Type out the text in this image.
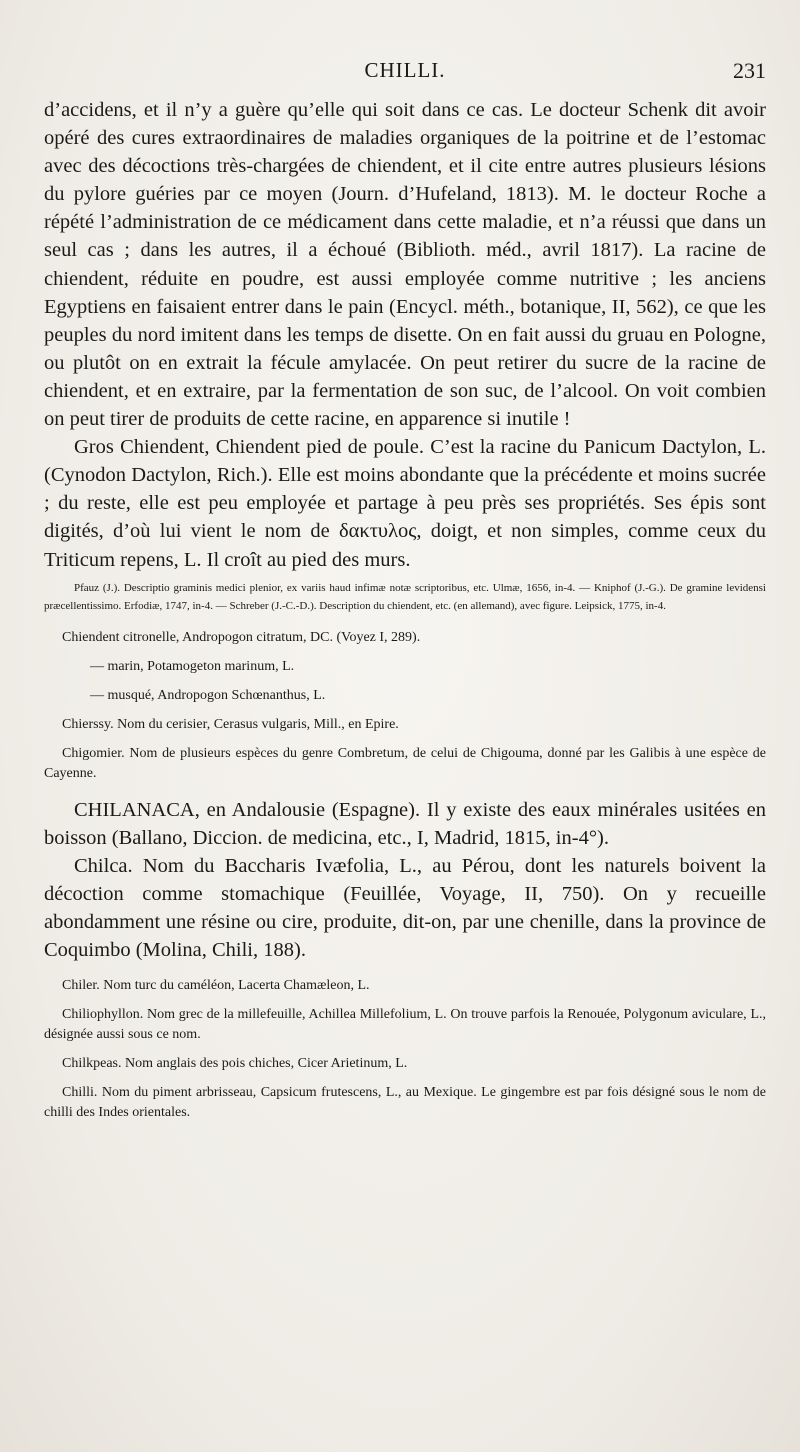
CHILLI.	231

d’accidens, et il n’y a guère qu’elle qui soit dans ce cas. Le docteur Schenk dit avoir opéré des cures extraordinaires de maladies organiques de la poitrine et de l’estomac avec des décoctions très-chargées de chiendent, et il cite entre autres plusieurs lésions du pylore guéries par ce moyen (Journ. d’Hufeland, 1813). M. le docteur Roche a répété l’administration de ce médicament dans cette maladie, et n’a réussi que dans un seul cas ; dans les autres, il a échoué (Biblioth. méd., avril 1817). La racine de chiendent, réduite en poudre, est aussi employée comme nutritive ; les anciens Egyptiens en faisaient entrer dans le pain (Encycl. méth., botanique, II, 562), ce que les peuples du nord imitent dans les temps de disette. On en fait aussi du gruau en Pologne, ou plutôt on en extrait la fécule amylacée. On peut retirer du sucre de la racine de chiendent, et en extraire, par la fermentation de son suc, de l’alcool. On voit combien on peut tirer de produits de cette racine, en apparence si inutile !

Gros Chiendent, Chiendent pied de poule. C’est la racine du Panicum Dactylon, L. (Cynodon Dactylon, Rich.). Elle est moins abondante que la précédente et moins sucrée ; du reste, elle est peu employée et partage à peu près ses propriétés. Ses épis sont digités, d’où lui vient le nom de δακτυλος, doigt, et non simples, comme ceux du Triticum repens, L. Il croît au pied des murs.

Pfauz (J.). Descriptio graminis medici plenior, ex variis haud infimæ notæ scriptoribus, etc. Ulmæ, 1656, in-4. — Kniphof (J.-G.). De gramine levidensi præcellentissimo. Erfodiæ, 1747, in-4. — Schreber (J.-C.-D.). Description du chiendent, etc. (en allemand), avec figure. Leipsick, 1775, in-4.

Chiendent citronelle, Andropogon citratum, DC. (Voyez I, 289).

— marin, Potamogeton marinum, L.

— musqué, Andropogon Schœnanthus, L.

Chierssy. Nom du cerisier, Cerasus vulgaris, Mill., en Epire.

Chigomier. Nom de plusieurs espèces du genre Combretum, de celui de Chigouma, donné par les Galibis à une espèce de Cayenne.

CHILANACA, en Andalousie (Espagne). Il y existe des eaux minérales usitées en boisson (Ballano, Diccion. de medicina, etc., I, Madrid, 1815, in-4°).

Chilca. Nom du Baccharis Ivæfolia, L., au Pérou, dont les naturels boivent la décoction comme stomachique (Feuillée, Voyage, II, 750). On y recueille abondamment une résine ou cire, produite, dit-on, par une chenille, dans la province de Coquimbo (Molina, Chili, 188).

Chiler. Nom turc du caméléon, Lacerta Chamæleon, L.

Chiliophyllon. Nom grec de la millefeuille, Achillea Millefolium, L. On trouve parfois la Renouée, Polygonum aviculare, L., désignée aussi sous ce nom.

Chilkpeas. Nom anglais des pois chiches, Cicer Arietinum, L.

Chilli. Nom du piment arbrisseau, Capsicum frutescens, L., au Mexique. Le gingembre est par fois désigné sous le nom de chilli des Indes orientales.
